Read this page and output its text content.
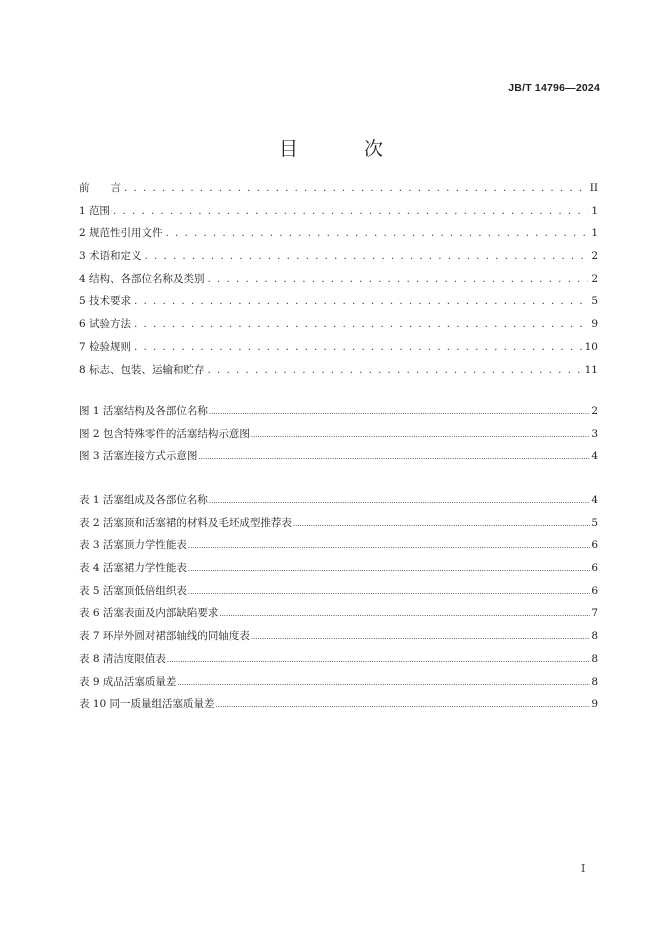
JB/T 14796—2024
目 次
前　　言 . . .	II
1 范围 . . .	1
2 规范性引用文件 . . .	1
3 术语和定义 . . .	2
4 结构、各部位名称及类别 . . .	2
5 技术要求 . . .	5
6 试验方法 . . .	9
7 检验规则 . . .	10
8 标志、包装、运输和贮存 . . .	11
图 1 活塞结构及各部位名称 .....	2
图 2 包含特殊零件的活塞结构示意图 .....	3
图 3 活塞连接方式示意图 .....	4
表 1 活塞组成及各部位名称 .....	4
表 2 活塞顶和活塞裙的材料及毛坯成型推荐表 .....	5
表 3 活塞顶力学性能表 .....	6
表 4 活塞裙力学性能表 .....	6
表 5 活塞顶低倍组织表 .....	6
表 6 活塞表面及内部缺陷要求 .....	7
表 7 环岸外圆对裙部轴线的同轴度表 .....	8
表 8 清洁度限值表 .....	8
表 9 成品活塞质量差 .....	8
表 10 同一质量组活塞质量差 .....	9
I
